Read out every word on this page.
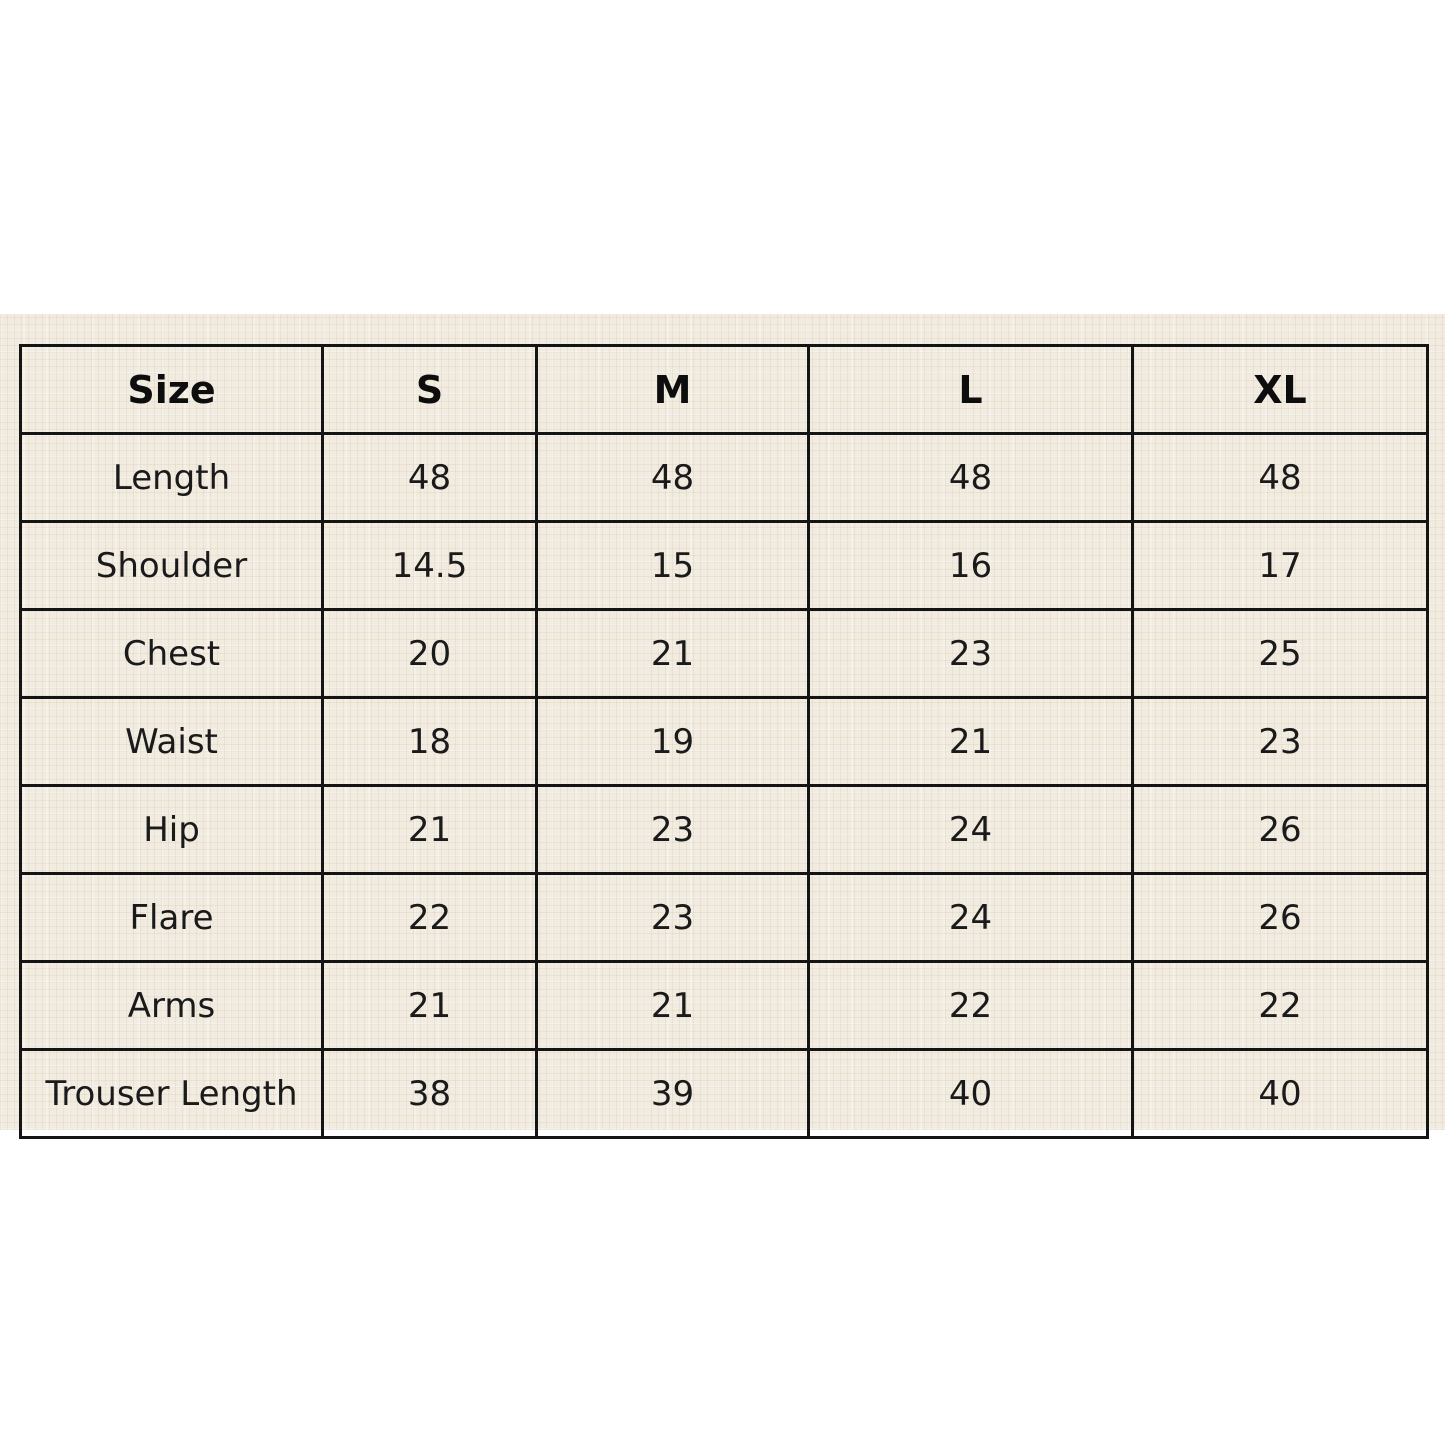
Size	S	M	L	XL
Length	48	48	48	48
Shoulder	14.5	15	16	17
Chest	20	21	23	25
Waist	18	19	21	23
Hip	21	23	24	26
Flare	22	23	24	26
Arms	21	21	22	22
Trouser Length	38	39	40	40
